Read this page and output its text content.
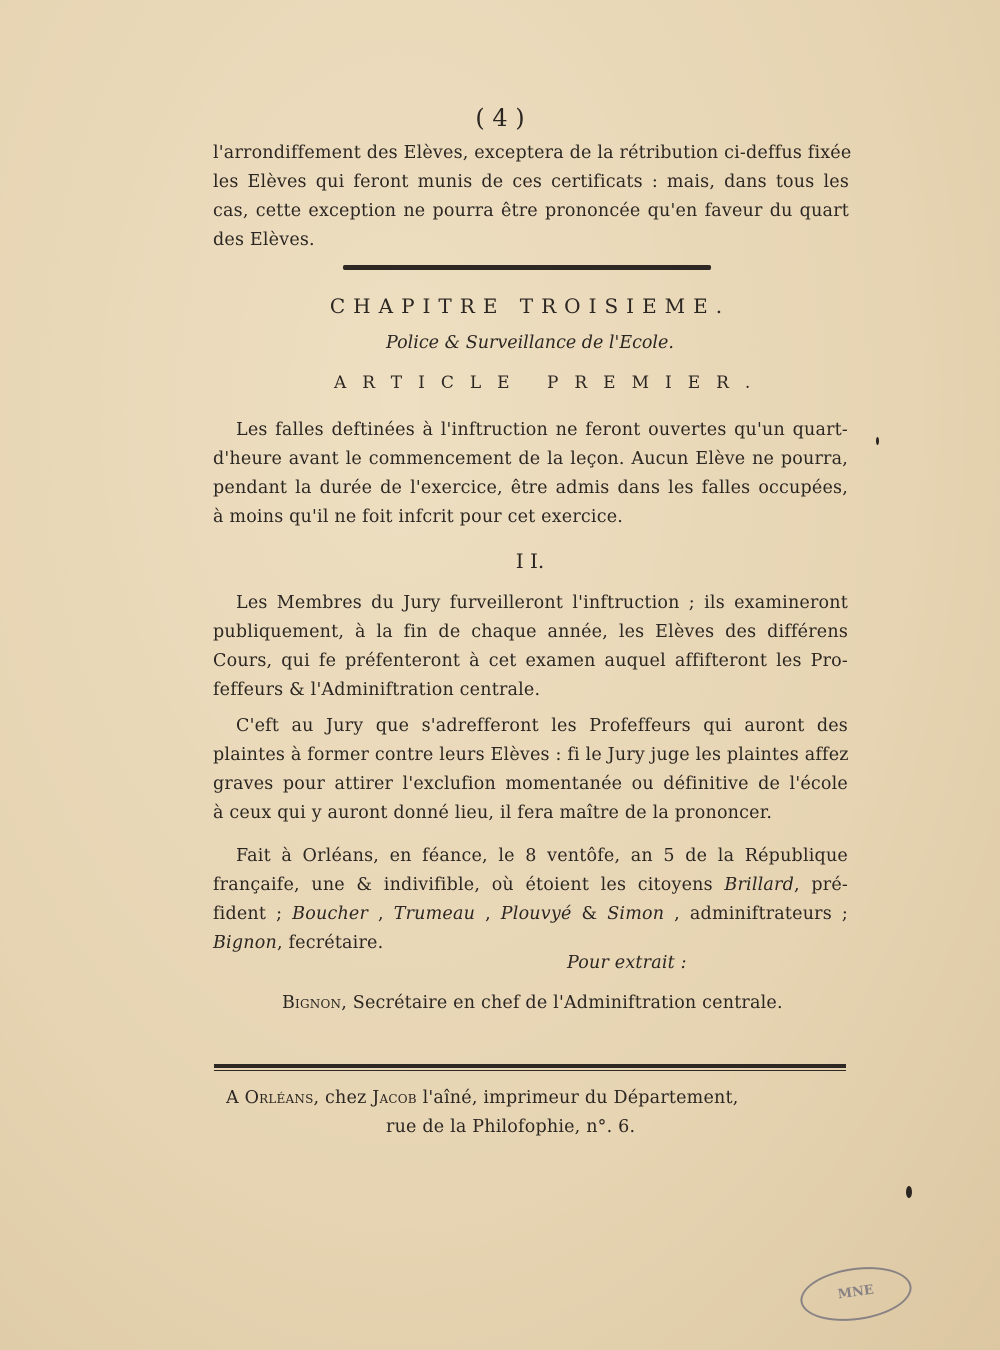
( 4 )
l'arrondiffement des Elèves, exceptera de la rétribution ci-deffus fixée
les Elèves qui feront munis de ces certificats : mais, dans tous les
cas, cette exception ne pourra être prononcée qu'en faveur du quart
des Elèves.
CHAPITRE TROISIEME.
Police & Surveillance de l'Ecole.
ARTICLE PREMIER.
Les falles deftinées à l'inftruction ne feront ouvertes qu'un quart-
d'heure avant le commencement de la leçon. Aucun Elève ne pourra,
pendant la durée de l'exercice, être admis dans les falles occupées,
à moins qu'il ne foit infcrit pour cet exercice.
I I.
Les Membres du Jury furveilleront l'inftruction ; ils examineront
publiquement, à la fin de chaque année, les Elèves des différens
Cours, qui fe préfenteront à cet examen auquel affifteront les Pro-
feffeurs & l'Adminiftration centrale.
C'eft au Jury que s'adrefferont les Profeffeurs qui auront des
plaintes à former contre leurs Elèves : fi le Jury juge les plaintes affez
graves pour attirer l'exclufion momentanée ou définitive de l'école
à ceux qui y auront donné lieu, il fera maître de la prononcer.
Fait à Orléans, en féance, le 8 ventôfe, an 5 de la République
françaife, une & indivifible, où étoient les citoyens Brillard, pré-
fident ; Boucher , Trumeau , Plouvyé & Simon , adminiftrateurs ;
Bignon, fecrétaire.
Pour extrait :
Bignon, Secrétaire en chef de l'Adminiftration centrale.
A Orléans, chez Jacob l'aîné, imprimeur du Département,
rue de la Philofophie, n°. 6.
MNE
